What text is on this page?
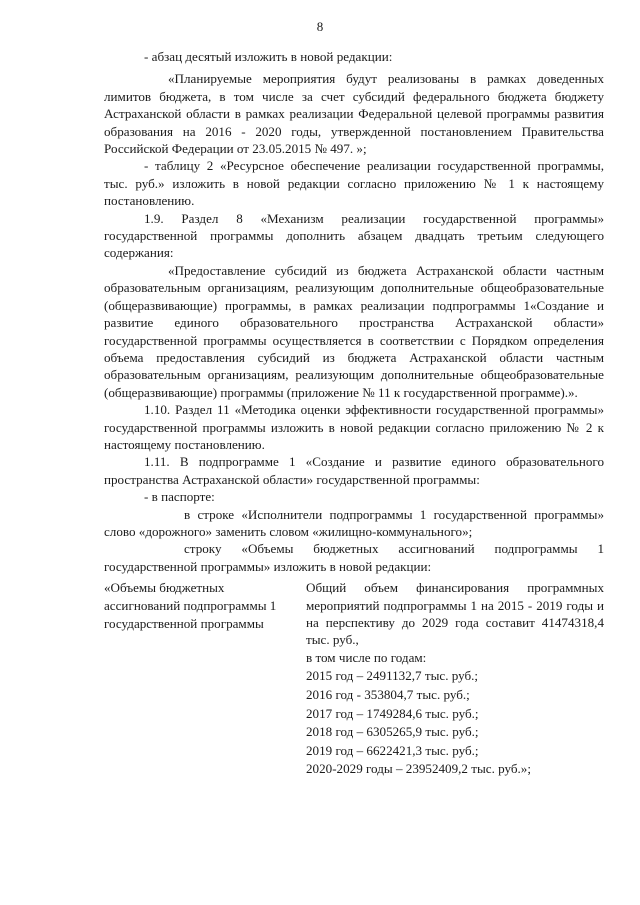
8

- абзац десятый изложить в новой редакции:

«Планируемые мероприятия будут реализованы в рамках доведенных лимитов бюджета, в том числе за счет субсидий федерального бюджета бюджету Астраханской области в рамках реализации Федеральной целевой программы развития образования на 2016 - 2020 годы, утвержденной постановлением Правительства Российской Федерации от 23.05.2015 № 497. »;

- таблицу 2 «Ресурсное обеспечение реализации государственной программы, тыс. руб.» изложить в новой редакции согласно приложению № 1 к настоящему постановлению.

1.9. Раздел 8 «Механизм реализации государственной программы» государственной программы дополнить абзацем двадцать третьим следующего содержания:

«Предоставление субсидий из бюджета Астраханской области частным образовательным организациям, реализующим дополнительные общеобразовательные (общеразвивающие) программы, в рамках реализации подпрограммы 1«Создание и развитие единого образовательного пространства Астраханской области» государственной программы осуществляется в соответствии с Порядком определения объема предоставления субсидий из бюджета Астраханской области частным образовательным организациям, реализующим дополнительные общеобразовательные (общеразвивающие) программы (приложение № 11 к государственной программе).».

1.10. Раздел 11 «Методика оценки эффективности государственной программы» государственной программы изложить в новой редакции согласно приложению № 2 к настоящему постановлению.

1.11. В подпрограмме 1 «Создание и развитие единого образовательного пространства Астраханской области» государственной программы:

- в паспорте:

в строке «Исполнители подпрограммы 1 государственной программы» слово «дорожного» заменить словом «жилищно-коммунального»;

строку «Объемы бюджетных ассигнований подпрограммы 1 государственной программы» изложить в новой редакции:

«Объемы бюджетных ассигнований подпрограммы 1 государственной программы

Общий объем финансирования программных мероприятий подпрограммы 1 на 2015 - 2019 годы и на перспективу до 2029 года составит 41474318,4 тыс. руб.,

в том числе по годам:
2015 год – 2491132,7 тыс. руб.;
2016 год - 353804,7 тыс. руб.;
2017 год – 1749284,6 тыс. руб.;
2018 год – 6305265,9 тыс. руб.;
2019 год – 6622421,3 тыс. руб.;
2020-2029 годы – 23952409,2 тыс. руб.»;
